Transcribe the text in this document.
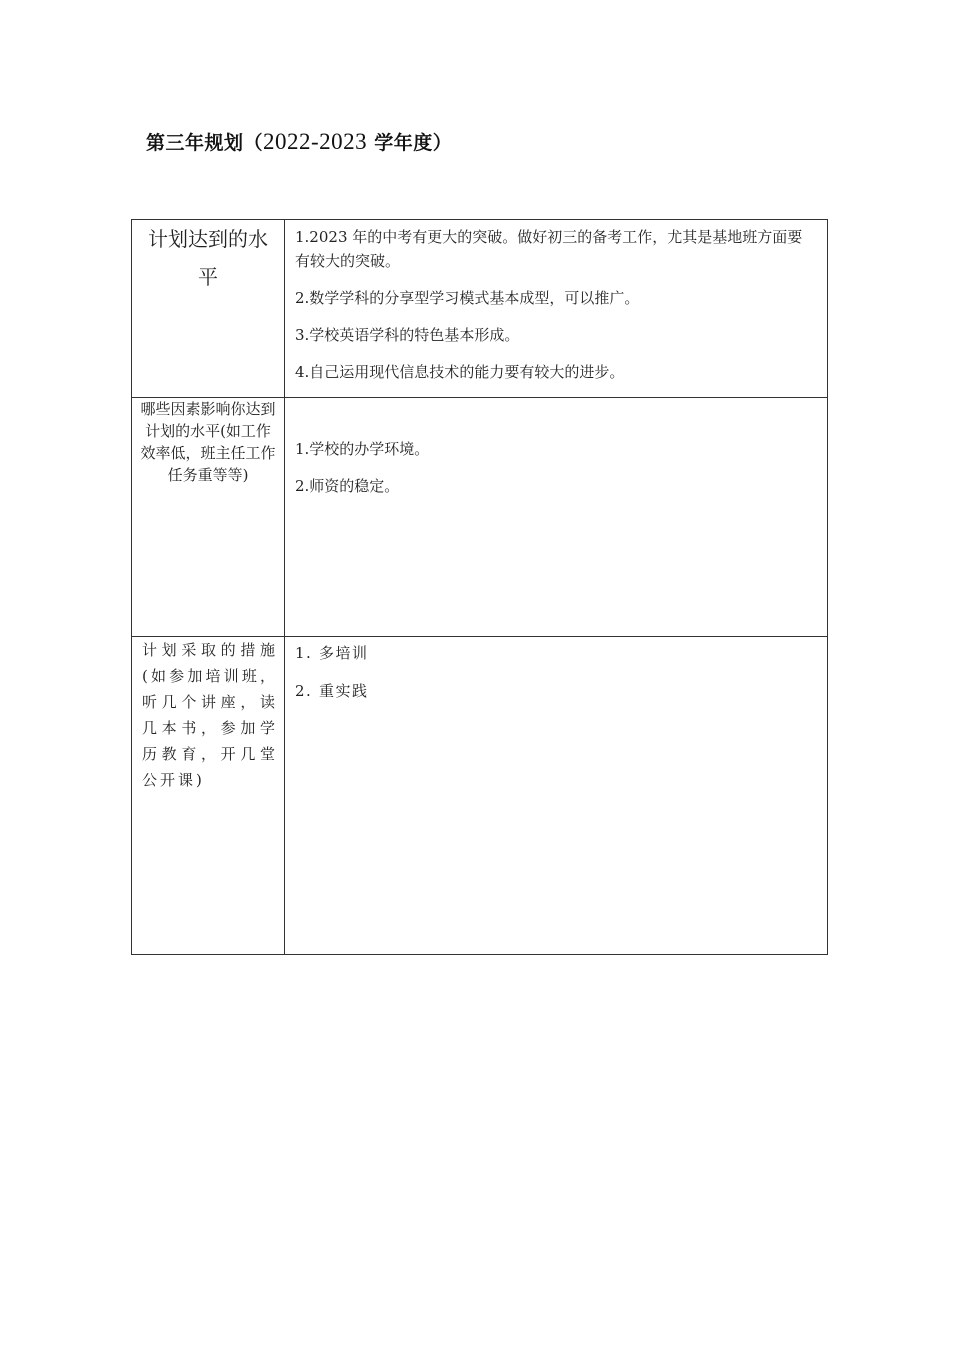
第三年规划（2022-2023 学年度）
计划达到的水平	1.2023 年的中考有更大的突破。做好初三的备考工作，尤其是基地班方面要有较大的突破。
2.数学学科的分享型学习模式基本成型，可以推广。
3.学校英语学科的特色基本形成。
4.自己运用现代信息技术的能力要有较大的进步。

哪些因素影响你达到计划的水平(如工作效率低，班主任工作任务重等等)	1.学校的办学环境。
2.师资的稳定。

计划采取的措施(如参加培训班，听几个讲座，读几本书，参加学历教育，开几堂公开课)	1. 多培训
2. 重实践
